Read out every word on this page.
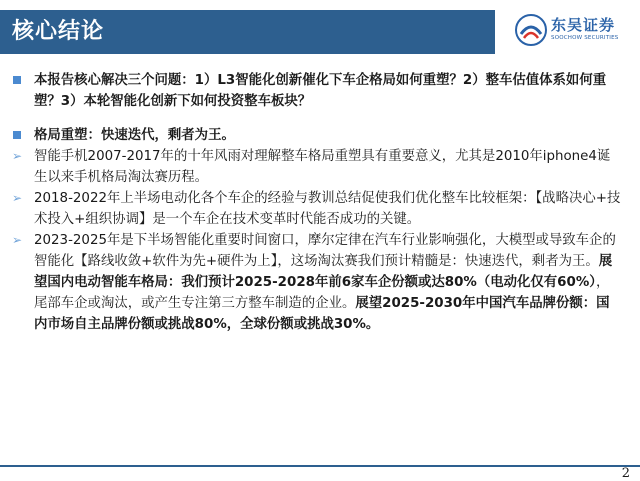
核心结论	东吴证券
SOOCHOW SECURITIES

本报告核心解决三个问题：1）L3智能化创新催化下车企格局如何重塑？2）整车估值体系如何重塑？3）本轮智能化创新下如何投资整车板块？

格局重塑：快速迭代，剩者为王。

➢ 智能手机2007-2017年的十年风雨对理解整车格局重塑具有重要意义，尤其是2010年iphone4诞生以来手机格局淘汰赛历程。

➢ 2018-2022年上半场电动化各个车企的经验与教训总结促使我们优化整车比较框架：【战略决心+技术投入+组织协调】是一个车企在技术变革时代能否成功的关键。

➢ 2023-2025年是下半场智能化重要时间窗口，摩尔定律在汽车行业影响强化，大模型或导致车企的智能化【路线收敛+软件为先+硬件为上】，这场淘汰赛我们预计精髓是：快速迭代，剩者为王。展望国内电动智能车格局：我们预计2025-2028年前6家车企份额或达80%（电动化仅有60%），尾部车企或淘汰，或产生专注第三方整车制造的企业。展望2025-2030年中国汽车品牌份额：国内市场自主品牌份额或挑战80%，全球份额或挑战30%。

2
